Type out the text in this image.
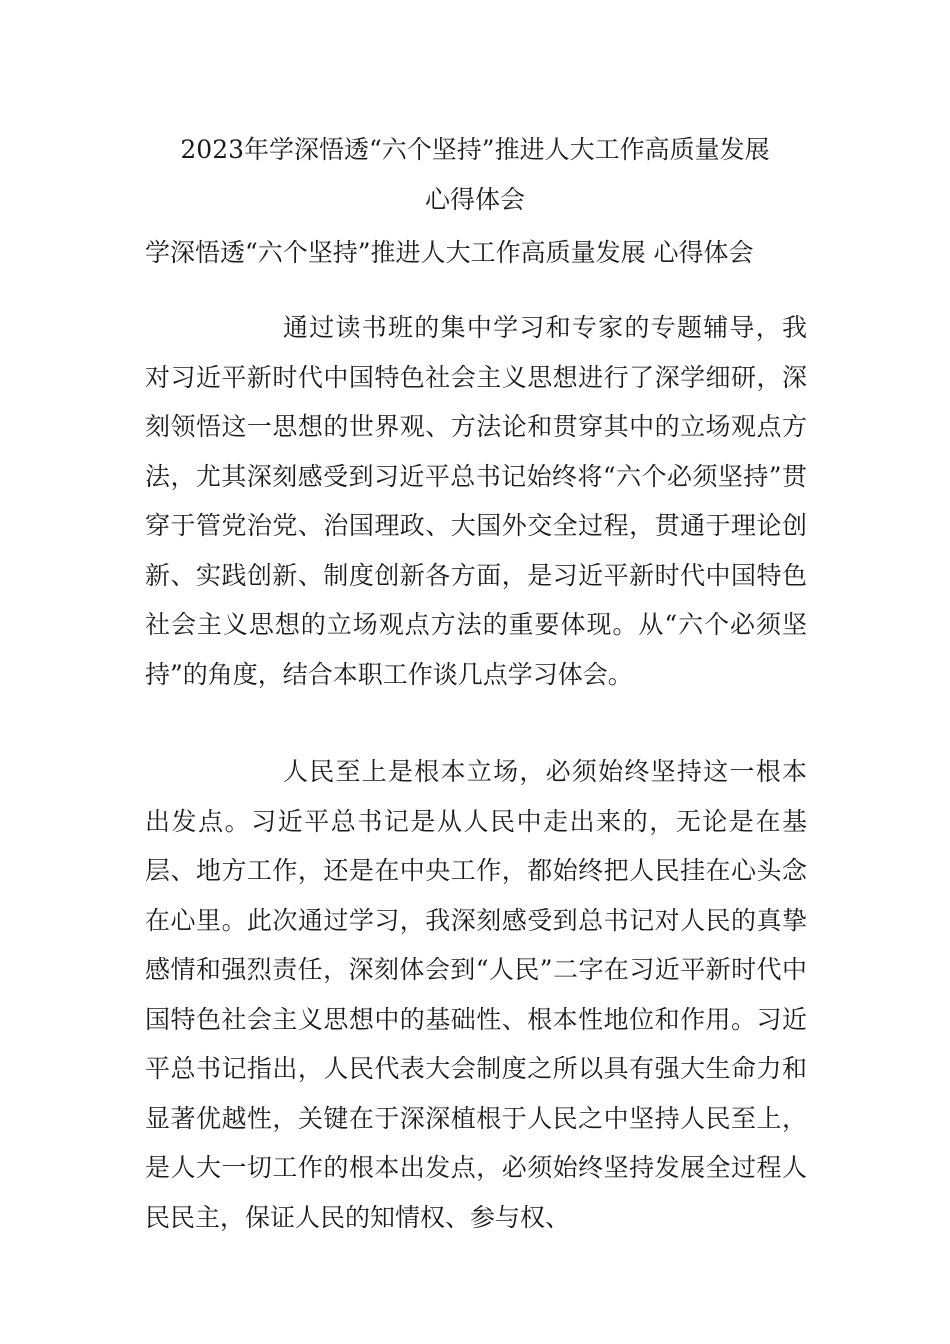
2023年学深悟透“六个坚持”推进人大工作高质量发展
心得体会
学深悟透“六个坚持”推进人大工作高质量发展 心得体会

通过读书班的集中学习和专家的专题辅导，我对习近平新时代中国特色社会主义思想进行了深学细研，深刻领悟这一思想的世界观、方法论和贯穿其中的立场观点方法，尤其深刻感受到习近平总书记始终将“六个必须坚持”贯穿于管党治党、治国理政、大国外交全过程，贯通于理论创新、实践创新、制度创新各方面，是习近平新时代中国特色社会主义思想的立场观点方法的重要体现。从“六个必须坚持”的角度，结合本职工作谈几点学习体会。

人民至上是根本立场，必须始终坚持这一根本出发点。习近平总书记是从人民中走出来的，无论是在基层、地方工作，还是在中央工作，都始终把人民挂在心头念在心里。此次通过学习，我深刻感受到总书记对人民的真挚感情和强烈责任，深刻体会到“人民”二字在习近平新时代中国特色社会主义思想中的基础性、根本性地位和作用。习近平总书记指出，人民代表大会制度之所以具有强大生命力和显著优越性，关键在于深深植根于人民之中坚持人民至上，是人大一切工作的根本出发点，必须始终坚持发展全过程人民民主，保证人民的知情权、参与权、
